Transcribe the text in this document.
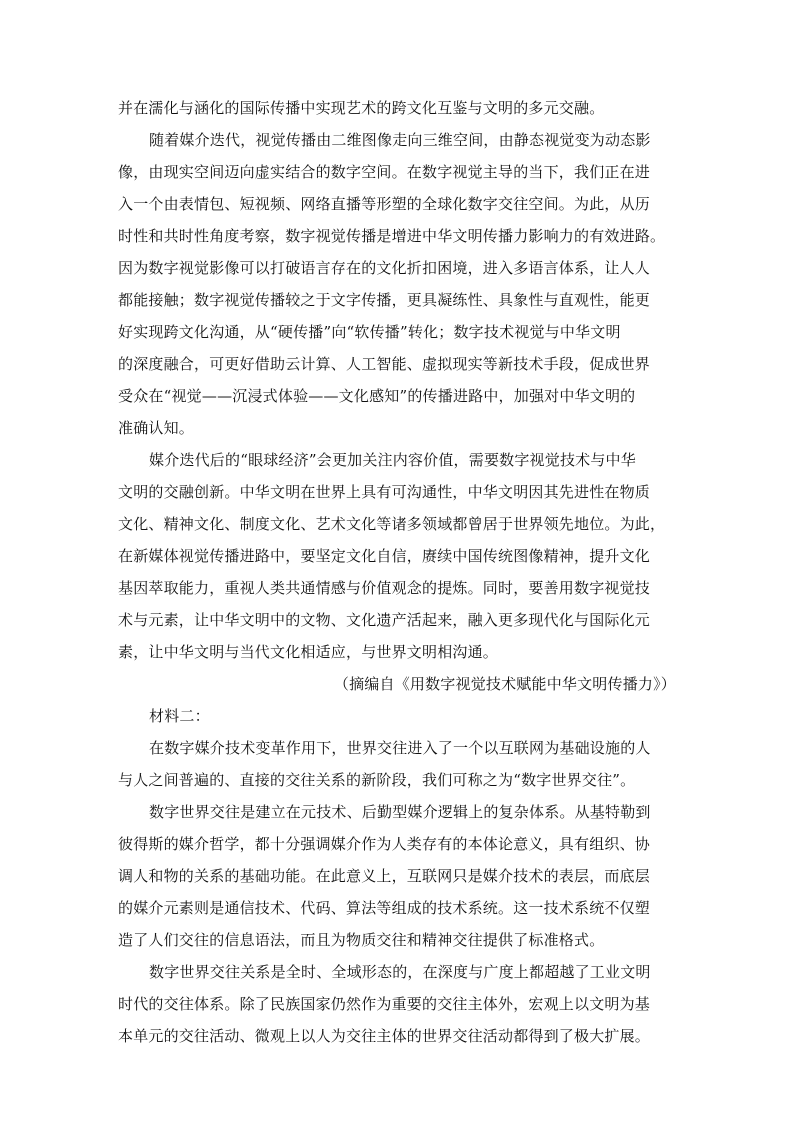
并在濡化与涵化的国际传播中实现艺术的跨文化互鉴与文明的多元交融。
随着媒介迭代，视觉传播由二维图像走向三维空间，由静态视觉变为动态影
像，由现实空间迈向虚实结合的数字空间。在数字视觉主导的当下，我们正在进
入一个由表情包、短视频、网络直播等形塑的全球化数字交往空间。为此，从历
时性和共时性角度考察，数字视觉传播是增进中华文明传播力影响力的有效进路。
因为数字视觉影像可以打破语言存在的文化折扣困境，进入多语言体系，让人人
都能接触；数字视觉传播较之于文字传播，更具凝练性、具象性与直观性，能更
好实现跨文化沟通，从“硬传播”向“软传播”转化；数字技术视觉与中华文明
的深度融合，可更好借助云计算、人工智能、虚拟现实等新技术手段，促成世界
受众在“视觉——沉浸式体验——文化感知”的传播进路中，加强对中华文明的
准确认知。
媒介迭代后的“眼球经济”会更加关注内容价值，需要数字视觉技术与中华
文明的交融创新。中华文明在世界上具有可沟通性，中华文明因其先进性在物质
文化、精神文化、制度文化、艺术文化等诸多领域都曾居于世界领先地位。为此，
在新媒体视觉传播进路中，要坚定文化自信，赓续中国传统图像精神，提升文化
基因萃取能力，重视人类共通情感与价值观念的提炼。同时，要善用数字视觉技
术与元素，让中华文明中的文物、文化遗产活起来，融入更多现代化与国际化元
素，让中华文明与当代文化相适应，与世界文明相沟通。
（摘编自《用数字视觉技术赋能中华文明传播力》）
材料二：
在数字媒介技术变革作用下，世界交往进入了一个以互联网为基础设施的人
与人之间普遍的、直接的交往关系的新阶段，我们可称之为“数字世界交往”。
数字世界交往是建立在元技术、后勤型媒介逻辑上的复杂体系。从基特勒到
彼得斯的媒介哲学，都十分强调媒介作为人类存有的本体论意义，具有组织、协
调人和物的关系的基础功能。在此意义上，互联网只是媒介技术的表层，而底层
的媒介元素则是通信技术、代码、算法等组成的技术系统。这一技术系统不仅塑
造了人们交往的信息语法，而且为物质交往和精神交往提供了标准格式。
数字世界交往关系是全时、全域形态的，在深度与广度上都超越了工业文明
时代的交往体系。除了民族国家仍然作为重要的交往主体外，宏观上以文明为基
本单元的交往活动、微观上以人为交往主体的世界交往活动都得到了极大扩展。
